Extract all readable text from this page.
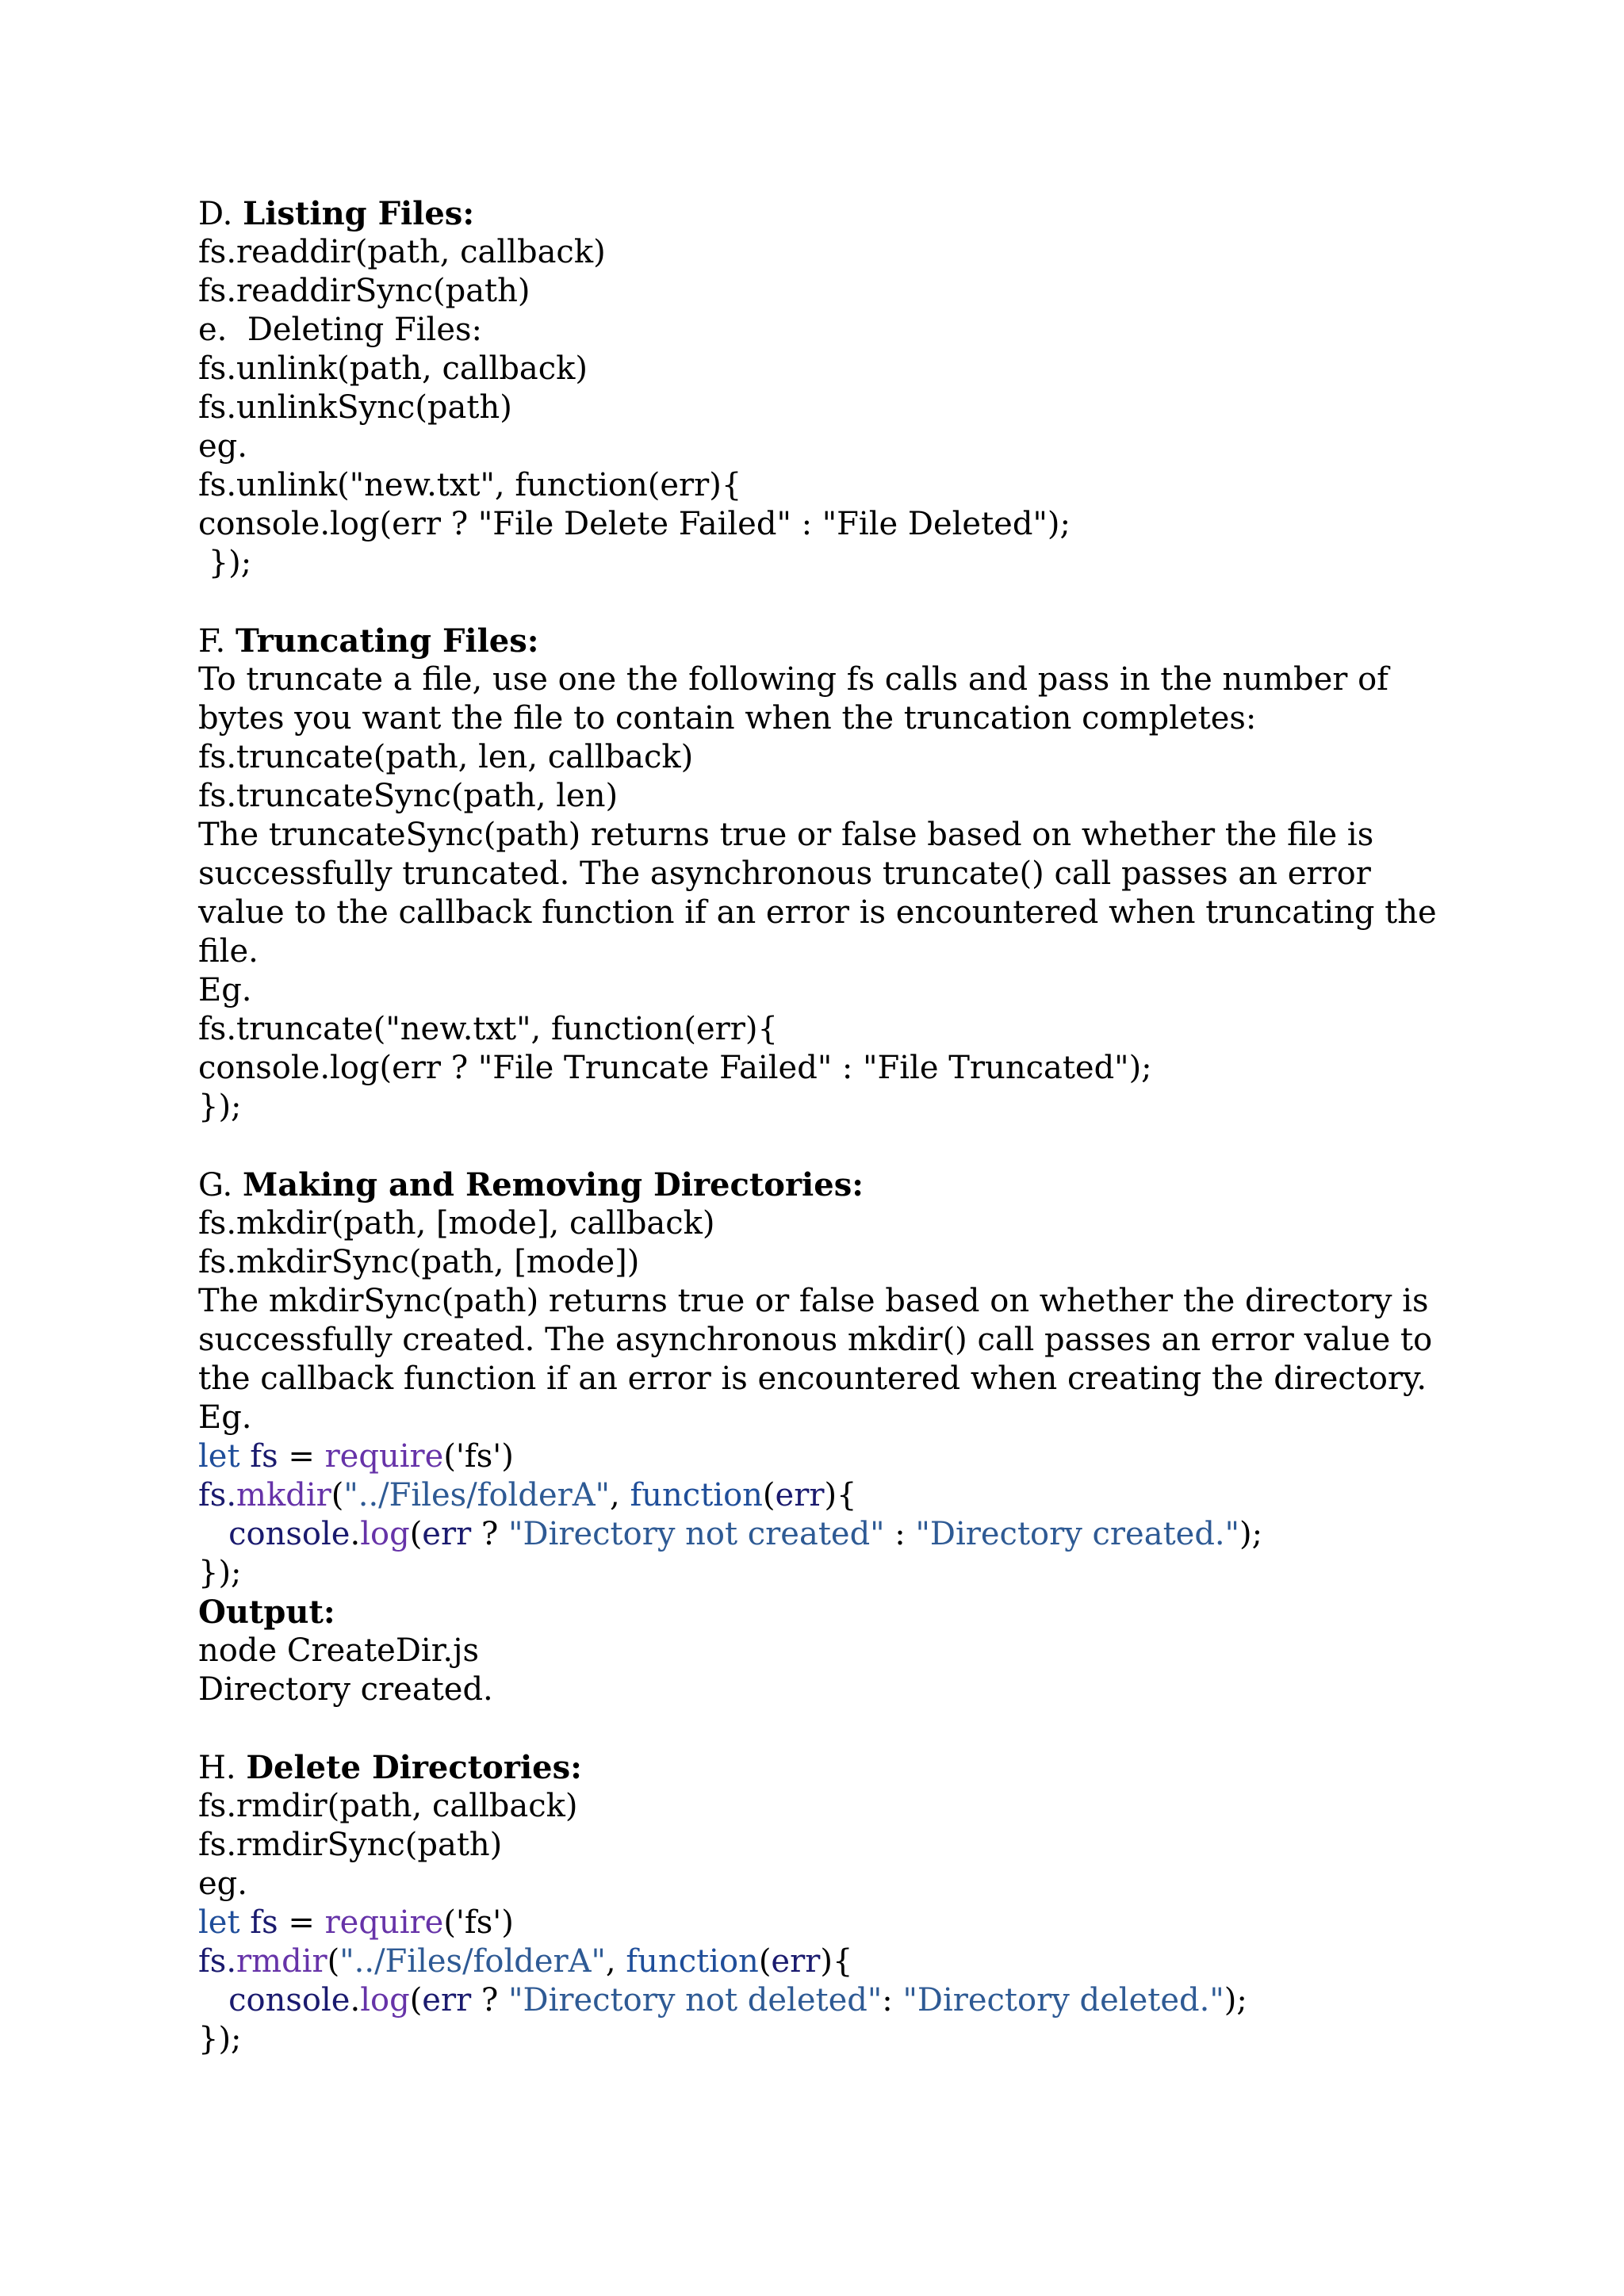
D. Listing Files:
fs.readdir(path, callback)
fs.readdirSync(path)
e.  Deleting Files:
fs.unlink(path, callback)
fs.unlinkSync(path)
eg.
fs.unlink("new.txt", function(err){
console.log(err ? "File Delete Failed" : "File Deleted");
});
F. Truncating Files:
To truncate a file, use one the following fs calls and pass in the number of
bytes you want the file to contain when the truncation completes:
fs.truncate(path, len, callback)
fs.truncateSync(path, len)
The truncateSync(path) returns true or false based on whether the file is
successfully truncated. The asynchronous truncate() call passes an error
value to the callback function if an error is encountered when truncating the
file.
Eg.
fs.truncate("new.txt", function(err){
console.log(err ? "File Truncate Failed" : "File Truncated");
});
G. Making and Removing Directories:
fs.mkdir(path, [mode], callback)
fs.mkdirSync(path, [mode])
The mkdirSync(path) returns true or false based on whether the directory is
successfully created. The asynchronous mkdir() call passes an error value to
the callback function if an error is encountered when creating the directory.
Eg.
let fs = require('fs')
fs.mkdir("../Files/folderA", function(err){
console.log(err ? "Directory not created" : "Directory created.");
});
Output:
node CreateDir.js
Directory created.
H. Delete Directories:
fs.rmdir(path, callback)
fs.rmdirSync(path)
eg.
let fs = require('fs')
fs.rmdir("../Files/folderA", function(err){
console.log(err ? "Directory not deleted": "Directory deleted.");
});
